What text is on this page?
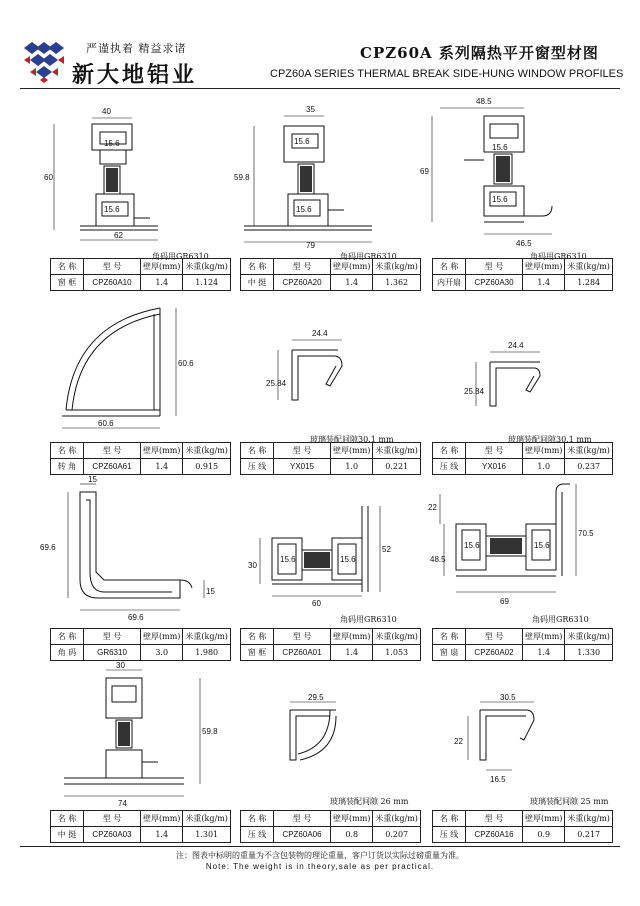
严谨执着 精益求诸
新大地铝业
CPZ60A 系列隔热平开窗型材图
CPZ60A SERIES THERMAL BREAK SIDE-HUNG WINDOW PROFILES
40
15.6
15.6
60
62
角码用GR6310
35
15.6
15.6
59.8
79
角码用GR6310
48.5
15.6
15.6
69
46.5
角码用GR6310
名 称	型 号	壁厚(mm)	米重(kg/m)
窗 框	CPZ60A10	1.4	1.124
名 称	型 号	壁厚(mm)	米重(kg/m)
中 挺	CPZ60A20	1.4	1.362
名 称	型 号	壁厚(mm)	米重(kg/m)
内开扇	CPZ60A30	1.4	1.284
60.6
60.6
24.4
25.84
玻璃装配间隙30.1 mm
24.4
25.84
玻璃装配间隙30.1 mm
名 称	型 号	壁厚(mm)	米重(kg/m)
转 角	CPZ60A61	1.4	0.915
名 称	型 号	壁厚(mm)	米重(kg/m)
压 线	YX015	1.0	0.221
名 称	型 号	壁厚(mm)	米重(kg/m)
压 线	YX016	1.0	0.237
15
69.6
69.6
15
30
15.6	15.6
52
60
角码用GR6310
22
48.5
15.6	15.6
70.5
69
角码用GR6310
名 称	型 号	壁厚(mm)	米重(kg/m)
角 码	GR6310	3.0	1.980
名 称	型 号	壁厚(mm)	米重(kg/m)
窗 框	CPZ60A01	1.4	1.053
名 称	型 号	壁厚(mm)	米重(kg/m)
窗 扇	CPZ60A02	1.4	1.330
30
59.8
74
29.5
玻璃装配间隙 26 mm
30.5
22
16.5
玻璃装配间隙 25 mm
名 称	型 号	壁厚(mm)	米重(kg/m)
中 挺	CPZ60A03	1.4	1.301
名 称	型 号	壁厚(mm)	米重(kg/m)
压 线	CPZ60A06	0.8	0.207
名 称	型 号	壁厚(mm)	米重(kg/m)
压 线	CPZ60A16	0.9	0.217
注：图表中标明的重量为不含包装物的理论重量，客户订货以实际过磅重量为准。
Note: The weight is in theory,sale as per practical.
